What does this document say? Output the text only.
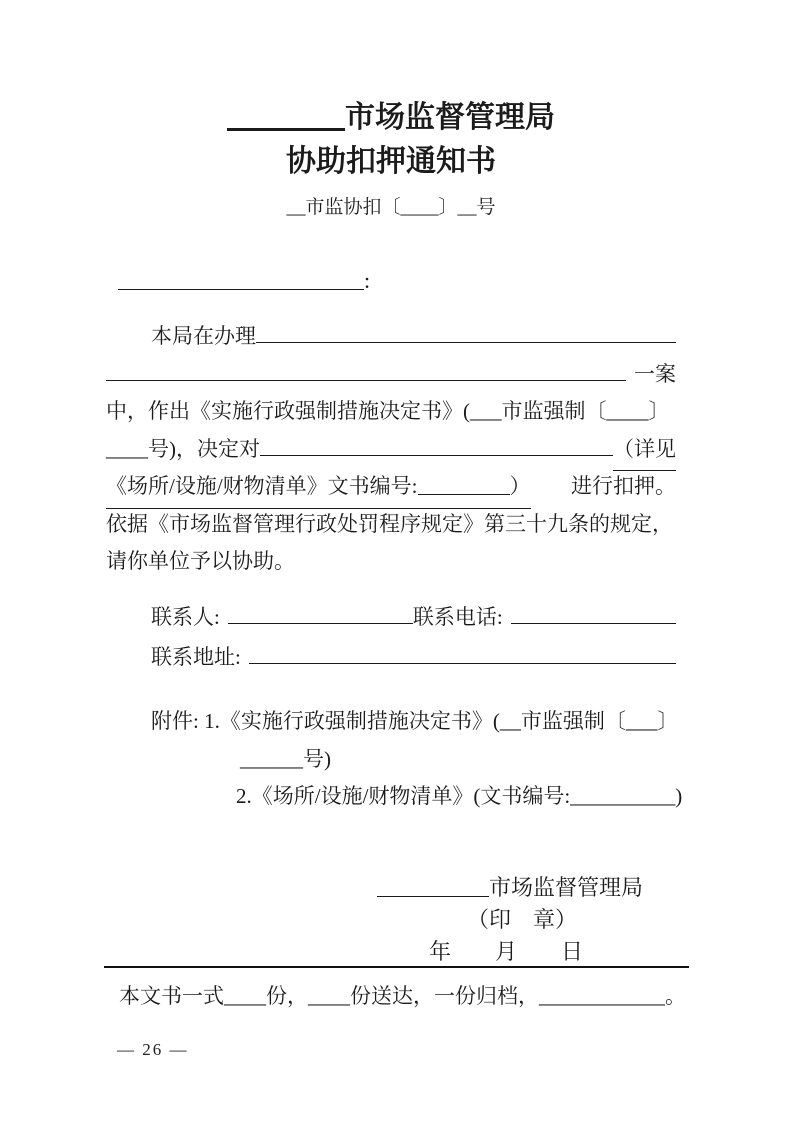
市场监督管理局
协助扣押通知书
__市监协扣〔____〕__号
:
本局在办理
一案
中，作出《实施行政强制措施决定书》(___市监强制〔____〕
____号)，决定对	（详见
《场所/设施/财物清单》文书编号:	） 进行扣押。
依据《市场监督管理行政处罚程序规定》第三十九条的规定，
请你单位予以协助。
联系人:	联系电话:
联系地址:
附件: 1.《实施行政强制措施决定书》(__市监强制〔___〕
______号)
2.《场所/设施/财物清单》(文书编号:__________)
市场监督管理局
（印　章）
年　　月　　日
本文书一式____份，____份送达，一份归档，____________。
— 26 —
